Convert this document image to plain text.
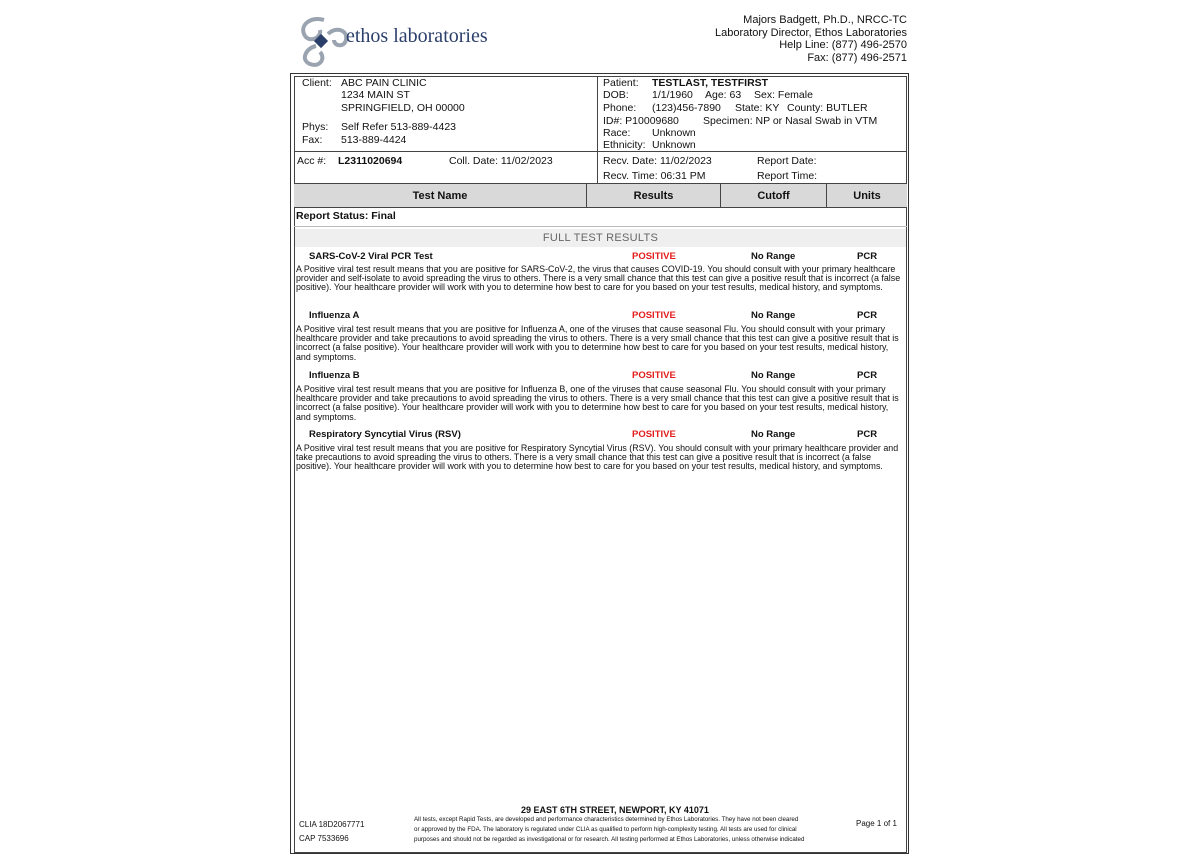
ethos laboratories
Majors Badgett, Ph.D., NRCC-TC
Laboratory Director, Ethos Laboratories
Help Line: (877) 496-2570
Fax: (877) 496-2571
Client: ABC PAIN CLINIC
1234 MAIN ST
SPRINGFIELD, OH 00000
Phys: Self Refer 513-889-4423
Fax: 513-889-4424
Patient: TESTLAST, TESTFIRST
DOB: 1/1/1960 Age: 63 Sex: Female
Phone: (123)456-7890 State: KY County: BUTLER
ID#: P10009680 Specimen: NP or Nasal Swab in VTM
Race: Unknown
Ethnicity: Unknown
Acc #: L2311020694	Coll. Date: 11/02/2023	Recv. Date: 11/02/2023	Report Date:
Recv. Time: 06:31 PM	Report Time:
Test Name	Results	Cutoff	Units
Report Status: Final
FULL TEST RESULTS
SARS-CoV-2 Viral PCR Test	POSITIVE	No Range	PCR
A Positive viral test result means that you are positive for SARS-CoV-2, the virus that causes COVID-19. You should consult with your primary healthcare provider and self-isolate to avoid spreading the virus to others. There is a very small chance that this test can give a positive result that is incorrect (a false positive). Your healthcare provider will work with you to determine how best to care for you based on your test results, medical history, and symptoms.
Influenza A	POSITIVE	No Range	PCR
A Positive viral test result means that you are positive for Influenza A, one of the viruses that cause seasonal Flu. You should consult with your primary healthcare provider and take precautions to avoid spreading the virus to others. There is a very small chance that this test can give a positive result that is incorrect (a false positive). Your healthcare provider will work with you to determine how best to care for you based on your test results, medical history, and symptoms.
Influenza B	POSITIVE	No Range	PCR
A Positive viral test result means that you are positive for Influenza B, one of the viruses that cause seasonal Flu. You should consult with your primary healthcare provider and take precautions to avoid spreading the virus to others. There is a very small chance that this test can give a positive result that is incorrect (a false positive). Your healthcare provider will work with you to determine how best to care for you based on your test results, medical history, and symptoms.
Respiratory Syncytial Virus (RSV)	POSITIVE	No Range	PCR
A Positive viral test result means that you are positive for Respiratory Syncytial Virus (RSV). You should consult with your primary healthcare provider and take precautions to avoid spreading the virus to others. There is a very small chance that this test can give a positive result that is incorrect (a false positive). Your healthcare provider will work with you to determine how best to care for you based on your test results, medical history, and symptoms.
29 EAST 6TH STREET, NEWPORT, KY 41071
CLIA 18D2067771
CAP 7533696
All tests, except Rapid Tests, are developed and performance characteristics determined by Ethos Laboratories. They have not been cleared
or approved by the FDA. The laboratory is regulated under CLIA as qualified to perform high-complexity testing. All tests are used for clinical
purposes and should not be regarded as investigational or for research. All testing performed at Ethos Laboratories, unless otherwise indicated
Page 1 of 1
